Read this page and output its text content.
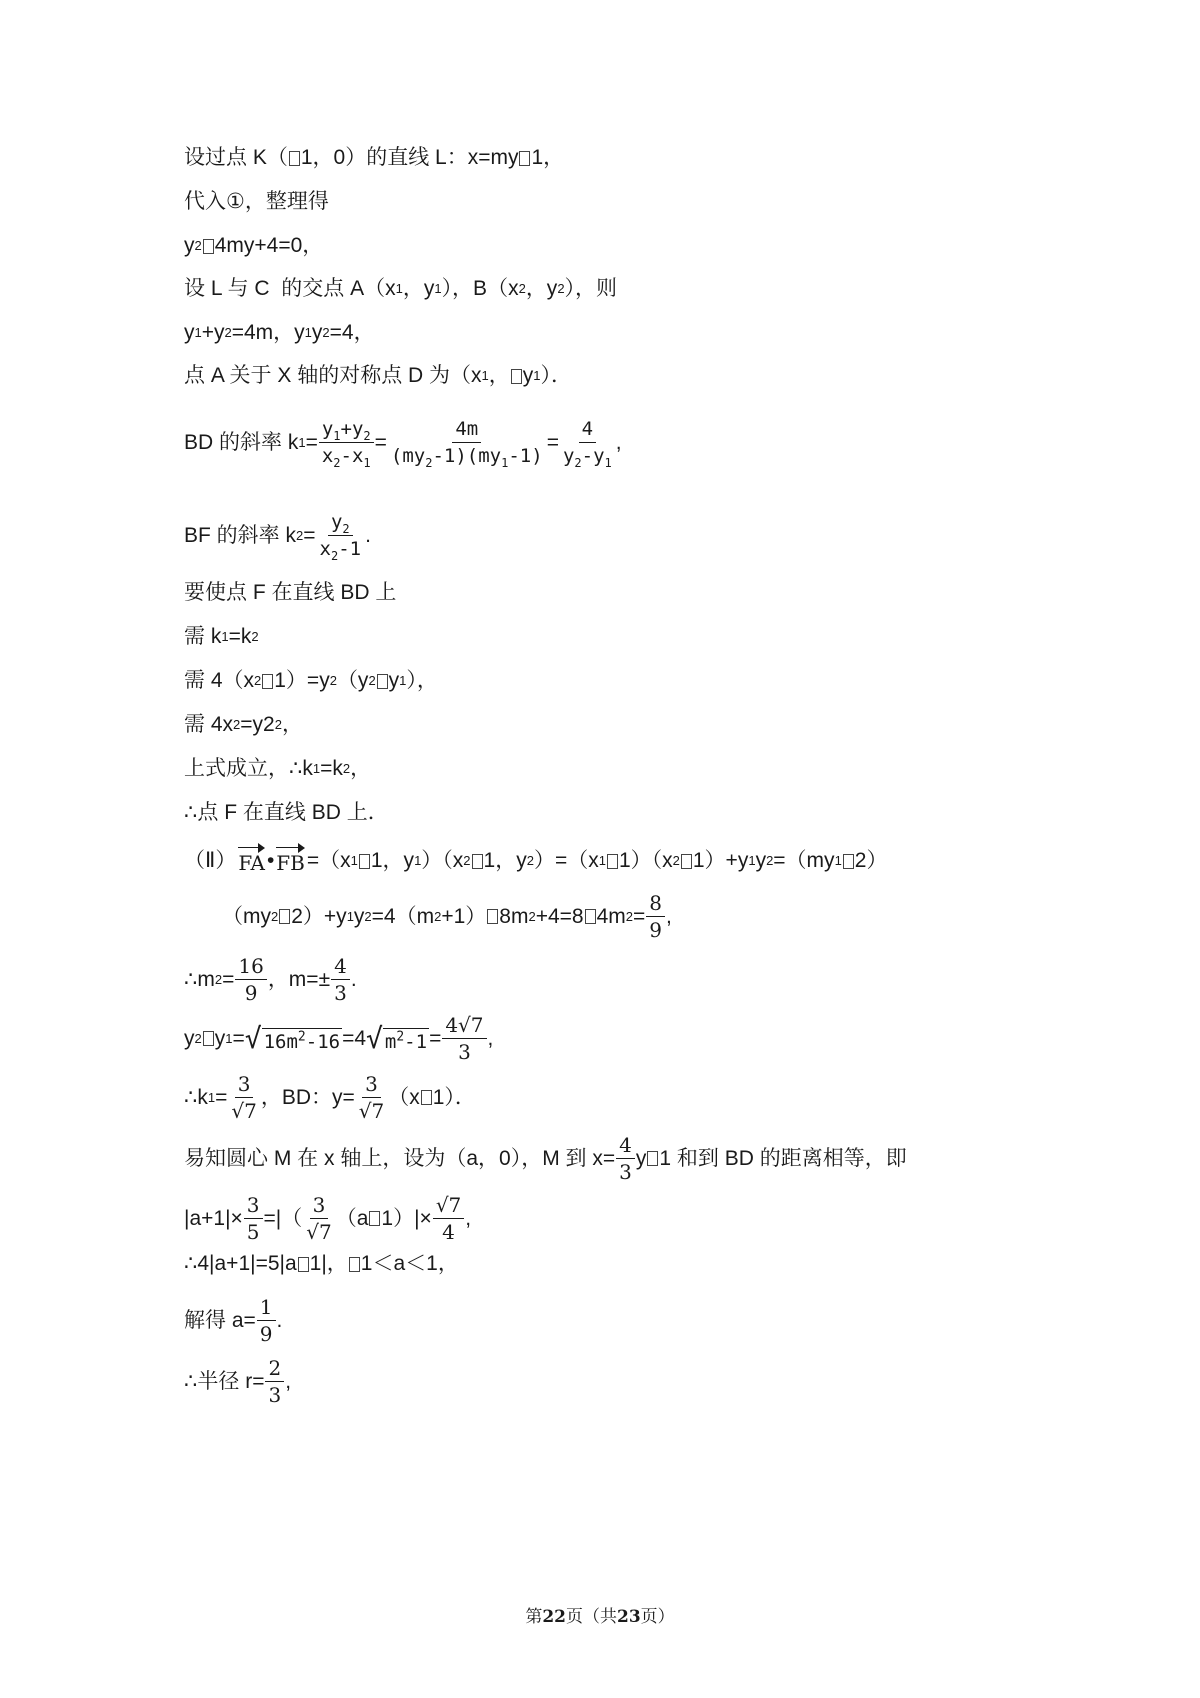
设过点 K（ 1，0）的直线 L：x=my 1，
代入①，整理得
y 2 4my+4=0，
设 L 与 C  的交点 A（x 1 ，y 1 ），B（x 2 ，y 2 ），则
y 1 +y 2 =4m，y 1 y 2 =4，
点 A 关于 X 轴的对称点 D 为（x 1 ， y 1 ）．
BD 的斜率 k $1 = \frac{y_1+y_2}{x_2-x_1} = \frac{4m}{(my_2-1)(my_1-1)} = \frac{4}{y_2-y_1}$ ,
BF 的斜率 k $2 = \frac{y_2}{x_2-1}$ .
要使点 F 在直线 BD 上
需 k 1 =k 2
需 4（x 2 1）=y 2 （y 2 y 1 ），
需 4x 2 =y2 2 ，
上式成立，∴k 1 =k 2 ，
∴点 F 在直线 BD 上．
（Ⅱ） FA • FB =（x 1 1，y 1 ）（x 2 1，y 2 ）=（x 1 1）（x 2 1）+y 1 y 2 =（my 1 2）
（my 2 2）+y 1 y 2 =4（m 2 +1） 8m 2 +4=8 4m $2 = \frac{8}{9}$ ,
∴m $2 = \frac{16}{9}$ ，$m=\pm \frac{4}{3}$ .
y 2 y 1 = √ $16m^2-16 =4$ √ $m^2-1 = \frac{4√7}{3}$ ,
∴k $1 = \frac{3}{√7}$ ，BD：$y= \frac{3}{√7} (x$ 1）．
易知圆心 M 在 x 轴上，设为（a，0），M 到 $x= \frac{4}{3}$ y 1 和到 BD 的距离相等，即
$|a+1|\times \frac{3}{5}$ =|（ $\frac{3}{√7} (a$ $1)|\times \frac{√7}{4}$ ,
∴4|a+1|=5|a 1|， 1＜a＜1，
解得 $a= \frac{1}{9}$ .
∴半径 $r= \frac{2}{3}$ ,
第22页（共23页）
